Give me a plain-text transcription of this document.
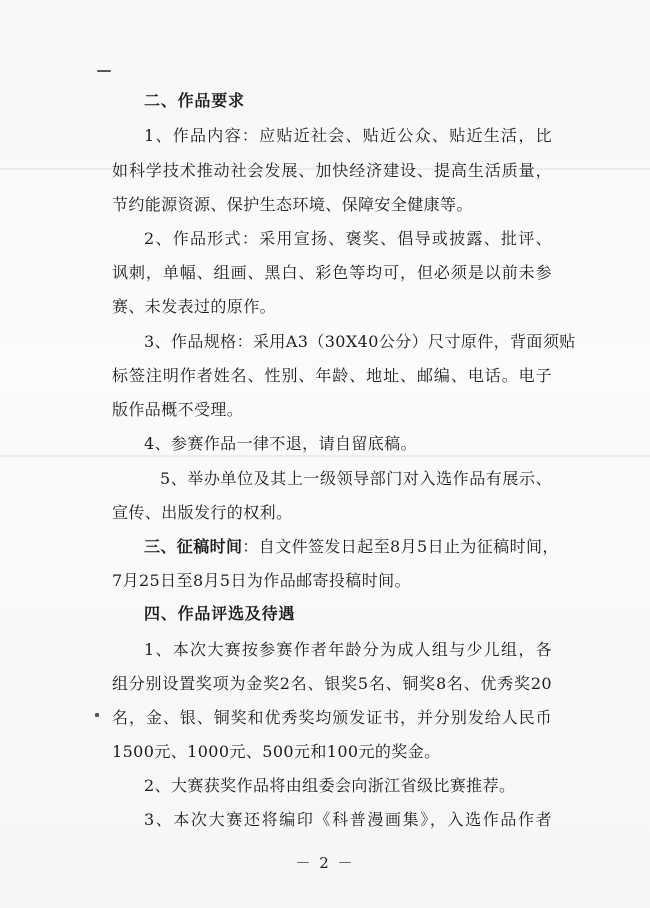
二、作品要求
1、作品内容：应贴近社会、贴近公众、贴近生活，比
如科学技术推动社会发展、加快经济建设、提高生活质量，
节约能源资源、保护生态环境、保障安全健康等。
2、作品形式：采用宣扬、褒奖、倡导或披露、批评、
讽刺，单幅、组画、黑白、彩色等均可，但必须是以前未参
赛、未发表过的原作。
3、作品规格：采用A3（30X40公分）尺寸原件，背面须贴
标签注明作者姓名、性别、年龄、地址、邮编、电话。电子
版作品概不受理。
4、参赛作品一律不退，请自留底稿。
5、举办单位及其上一级领导部门对入选作品有展示、
宣传、出版发行的权利。
三、征稿时间：自文件签发日起至8月5日止为征稿时间，
7月25日至8月5日为作品邮寄投稿时间。
四、作品评选及待遇
1、本次大赛按参赛作者年龄分为成人组与少儿组，各
组分别设置奖项为金奖2名、银奖5名、铜奖8名、优秀奖20
名，金、银、铜奖和优秀奖均颁发证书，并分别发给人民币
1500元、1000元、500元和100元的奖金。
2、大赛获奖作品将由组委会向浙江省级比赛推荐。
3、本次大赛还将编印《科普漫画集》，入选作品作者
－ 2 －
